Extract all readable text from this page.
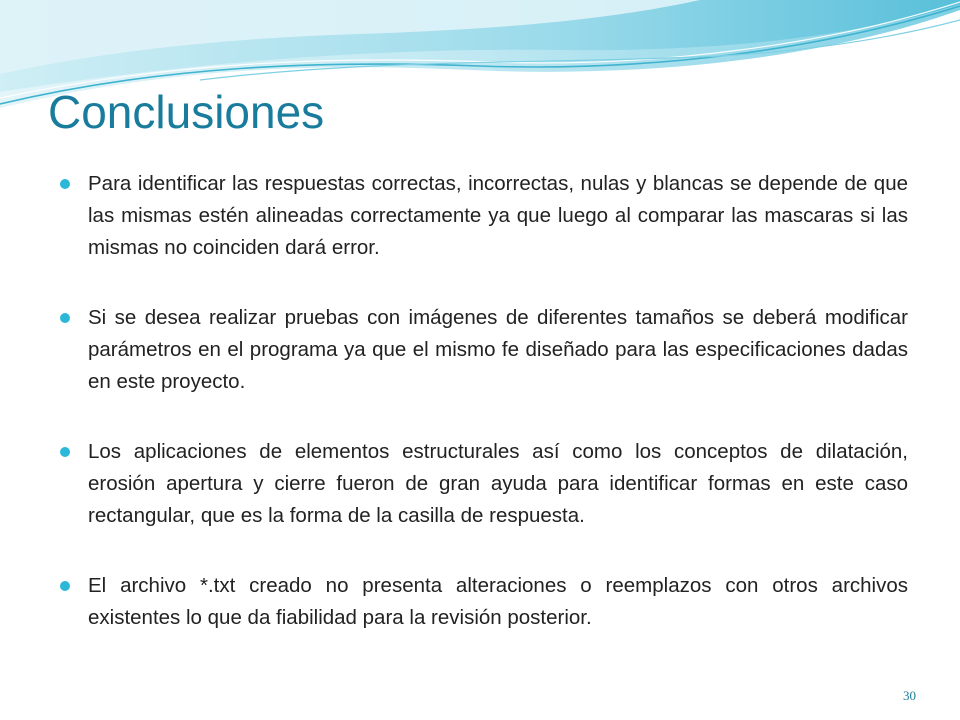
Conclusiones
Para identificar las respuestas correctas, incorrectas, nulas y blancas se depende de que las mismas estén alineadas correctamente ya que luego al comparar las mascaras si las mismas no coinciden dará error.
Si se desea realizar pruebas con imágenes de diferentes tamaños se deberá modificar parámetros en el programa ya que el mismo fe diseñado para las especificaciones dadas en este proyecto.
Los aplicaciones de elementos estructurales así como los conceptos de dilatación, erosión apertura y cierre fueron de gran ayuda para identificar formas en este caso rectangular, que es la forma de la casilla de respuesta.
El archivo *.txt creado no presenta alteraciones o reemplazos con otros archivos existentes lo que da fiabilidad para la revisión posterior.
30
